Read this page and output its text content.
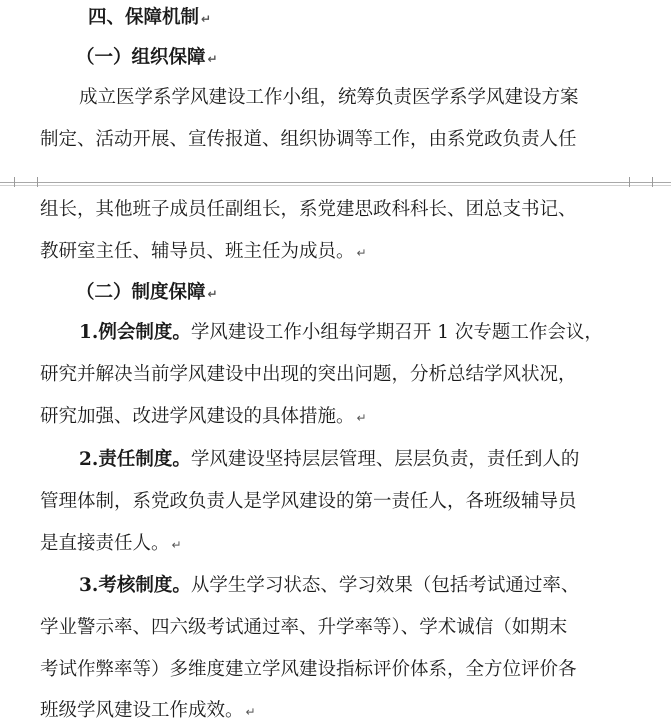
四、保障机制 ↵
（一）组织保障 ↵
成立医学系学风建设工作小组，统筹负责医学系学风建设方案
制定、活动开展、宣传报道、组织协调等工作，由系党政负责人任
组长，其他班子成员任副组长，系党建思政科科长、团总支书记、
教研室主任、辅导员、班主任为成员。 ↵
（二）制度保障 ↵
1.例会制度。学风建设工作小组每学期召开 1 次专题工作会议，
研究并解决当前学风建设中出现的突出问题，分析总结学风状况，
研究加强、改进学风建设的具体措施。 ↵
2.责任制度。学风建设坚持层层管理、层层负责，责任到人的
管理体制，系党政负责人是学风建设的第一责任人，各班级辅导员
是直接责任人。 ↵
3.考核制度。从学生学习状态、学习效果（包括考试通过率、
学业警示率、四六级考试通过率、升学率等）、学术诚信（如期末
考试作弊率等）多维度建立学风建设指标评价体系，全方位评价各
班级学风建设工作成效。 ↵
